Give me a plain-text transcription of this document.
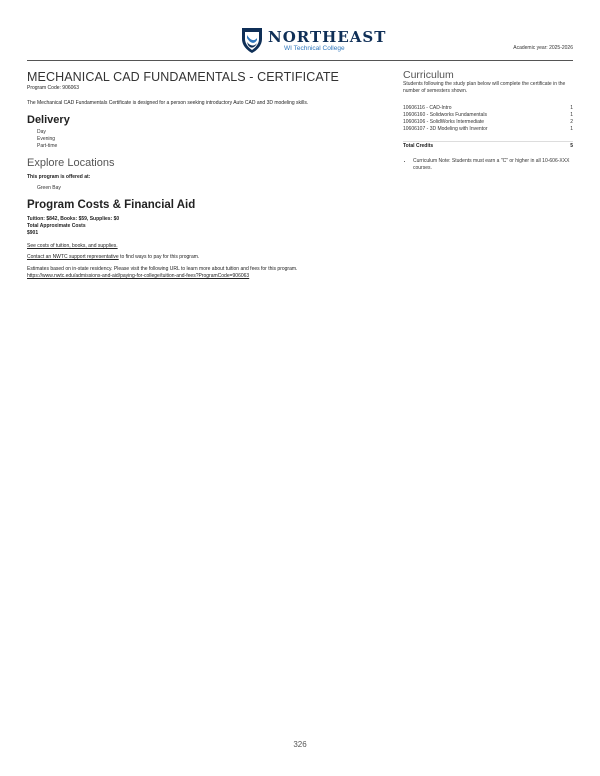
NORTHEAST
WI Technical College	Academic year: 2025-2026
MECHANICAL CAD FUNDAMENTALS - CERTIFICATE
Program Code: 906063
The Mechanical CAD Fundamentals Certificate is designed for a person seeking introductory Auto CAD and 3D modeling skills.
Delivery
Day
Evening
Part-time
Explore Locations
This program is offered at:
Green Bay
Program Costs & Financial Aid
Tuition: $842, Books: $59, Supplies: $0
Total Approximate Costs
$901
See costs of tuition, books, and supplies.
Contact an NWTC support representative to find ways to pay for this program.
Estimates based on in-state residency. Please visit the following URL to learn more about tuition and fees for this program.
https://www.nwtc.edu/admissions-and-aid/paying-for-college/tuition-and-fees?ProgramCode=906063
Curriculum
Students following the study plan below will complete the certificate in the number of semesters shown.
10606116 - CAD-Intro	1
10606160 - Solidworks Fundamentals	1
10606106 - SolidWorks Intermediate	2
10606107 - 3D Modeling with Inventor	1
Total Credits	5
• Curriculum Note: Students must earn a "C" or higher in all 10-606-XXX courses.
326
